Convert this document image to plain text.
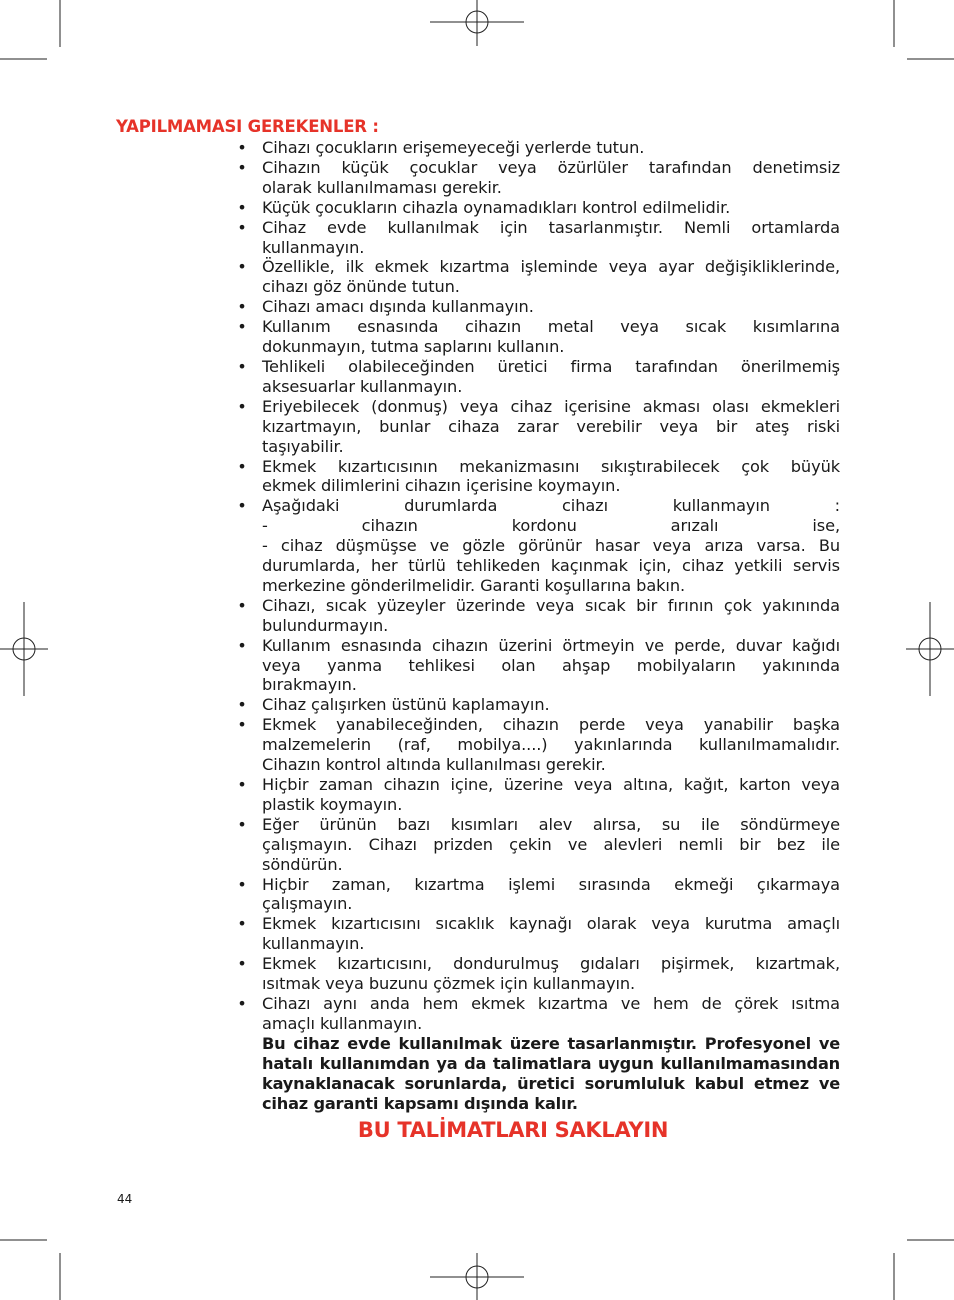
YAPILMAMASI GEREKENLER :
• Cihazı çocukların erişemeyeceği yerlerde tutun.
• Cihazın küçük çocuklar veya özürlüler tarafından denetimsiz
olarak kullanılmaması gerekir.
• Küçük çocukların cihazla oynamadıkları kontrol edilmelidir.
• Cihaz evde kullanılmak için tasarlanmıştır. Nemli ortamlarda
kullanmayın.
• Özellikle, ilk ekmek kızartma işleminde veya ayar değişikliklerinde,
cihazı göz önünde tutun.
• Cihazı amacı dışında kullanmayın.
• Kullanım esnasında cihazın metal veya sıcak kısımlarına
dokunmayın, tutma saplarını kullanın.
• Tehlikeli olabileceğinden üretici firma tarafından önerilmemiş
aksesuarlar kullanmayın.
• Eriyebilecek (donmuş) veya cihaz içerisine akması olası ekmekleri
kızartmayın, bunlar cihaza zarar verebilir veya bir ateş riski
taşıyabilir.
• Ekmek kızartıcısının mekanizmasını sıkıştırabilecek çok büyük
ekmek dilimlerini cihazın içerisine koymayın.
• Aşağıdaki durumlarda cihazı kullanmayın :
- cihazın kordonu arızalı ise,
- cihaz düşmüşse ve gözle görünür hasar veya arıza varsa. Bu
durumlarda, her türlü tehlikeden kaçınmak için, cihaz yetkili servis
merkezine gönderilmelidir. Garanti koşullarına bakın.
• Cihazı, sıcak yüzeyler üzerinde veya sıcak bir fırının çok yakınında
bulundurmayın.
• Kullanım esnasında cihazın üzerini örtmeyin ve perde, duvar kağıdı
veya yanma tehlikesi olan ahşap mobilyaların yakınında
bırakmayın.
• Cihaz çalışırken üstünü kaplamayın.
• Ekmek yanabileceğinden, cihazın perde veya yanabilir başka
malzemelerin (raf, mobilya....) yakınlarında kullanılmamalıdır.
Cihazın kontrol altında kullanılması gerekir.
• Hiçbir zaman cihazın içine, üzerine veya altına, kağıt, karton veya
plastik koymayın.
• Eğer ürünün bazı kısımları alev alırsa, su ile söndürmeye
çalışmayın. Cihazı prizden çekin ve alevleri nemli bir bez ile
söndürün.
• Hiçbir zaman, kızartma işlemi sırasında ekmeği çıkarmaya
çalışmayın.
• Ekmek kızartıcısını sıcaklık kaynağı olarak veya kurutma amaçlı
kullanmayın.
• Ekmek kızartıcısını, dondurulmuş gıdaları pişirmek, kızartmak,
ısıtmak veya buzunu çözmek için kullanmayın.
• Cihazı aynı anda hem ekmek kızartma ve hem de çörek ısıtma
amaçlı kullanmayın.
Bu cihaz evde kullanılmak üzere tasarlanmıştır. Profesyonel ve
hatalı kullanımdan ya da talimatlara uygun kullanılmamasından
kaynaklanacak sorunlarda, üretici sorumluluk kabul etmez ve
cihaz garanti kapsamı dışında kalır.
BU TALİMATLARI SAKLAYIN
44
